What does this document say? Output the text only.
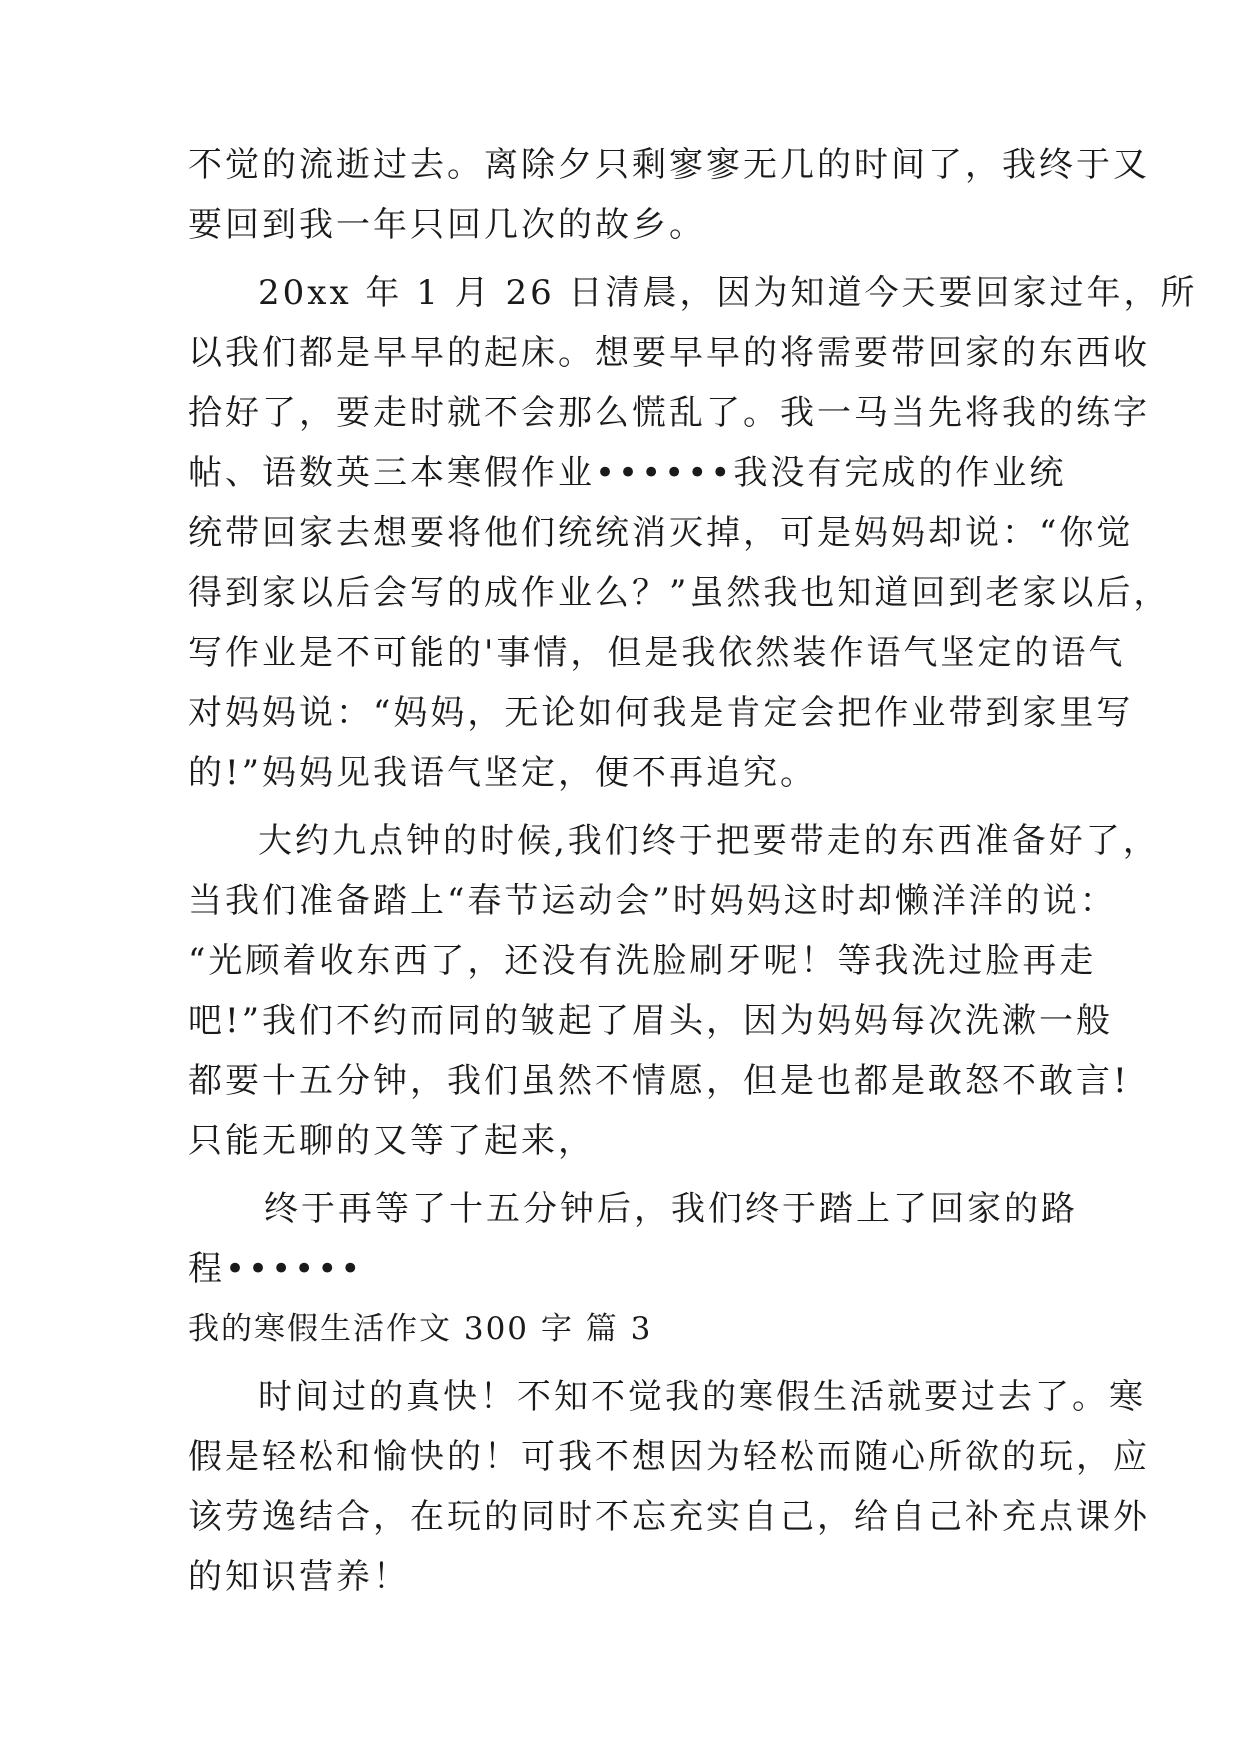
不觉的流逝过去。离除夕只剩寥寥无几的时间了，我终于又
要回到我一年只回几次的故乡。
20xx 年 1 月 26 日清晨，因为知道今天要回家过年，所
以我们都是早早的起床。想要早早的将需要带回家的东西收
拾好了，要走时就不会那么慌乱了。我一马当先将我的练字
帖、语数英三本寒假作业••••••我没有完成的作业统
统带回家去想要将他们统统消灭掉，可是妈妈却说：“你觉
得到家以后会写的成作业么？”虽然我也知道回到老家以后，
写作业是不可能的'事情，但是我依然装作语气坚定的语气
对妈妈说：“妈妈，无论如何我是肯定会把作业带到家里写
的!”妈妈见我语气坚定，便不再追究。
大约九点钟的时候,我们终于把要带走的东西准备好了，
当我们准备踏上“春节运动会”时妈妈这时却懒洋洋的说：
“光顾着收东西了，还没有洗脸刷牙呢！等我洗过脸再走
吧!”我们不约而同的皱起了眉头，因为妈妈每次洗漱一般
都要十五分钟，我们虽然不情愿，但是也都是敢怒不敢言!
只能无聊的又等了起来，
终于再等了十五分钟后，我们终于踏上了回家的路
程••••••
我的寒假生活作文 300 字 篇 3
时间过的真快！不知不觉我的寒假生活就要过去了。寒
假是轻松和愉快的！可我不想因为轻松而随心所欲的玩，应
该劳逸结合，在玩的同时不忘充实自己，给自己补充点课外
的知识营养！
